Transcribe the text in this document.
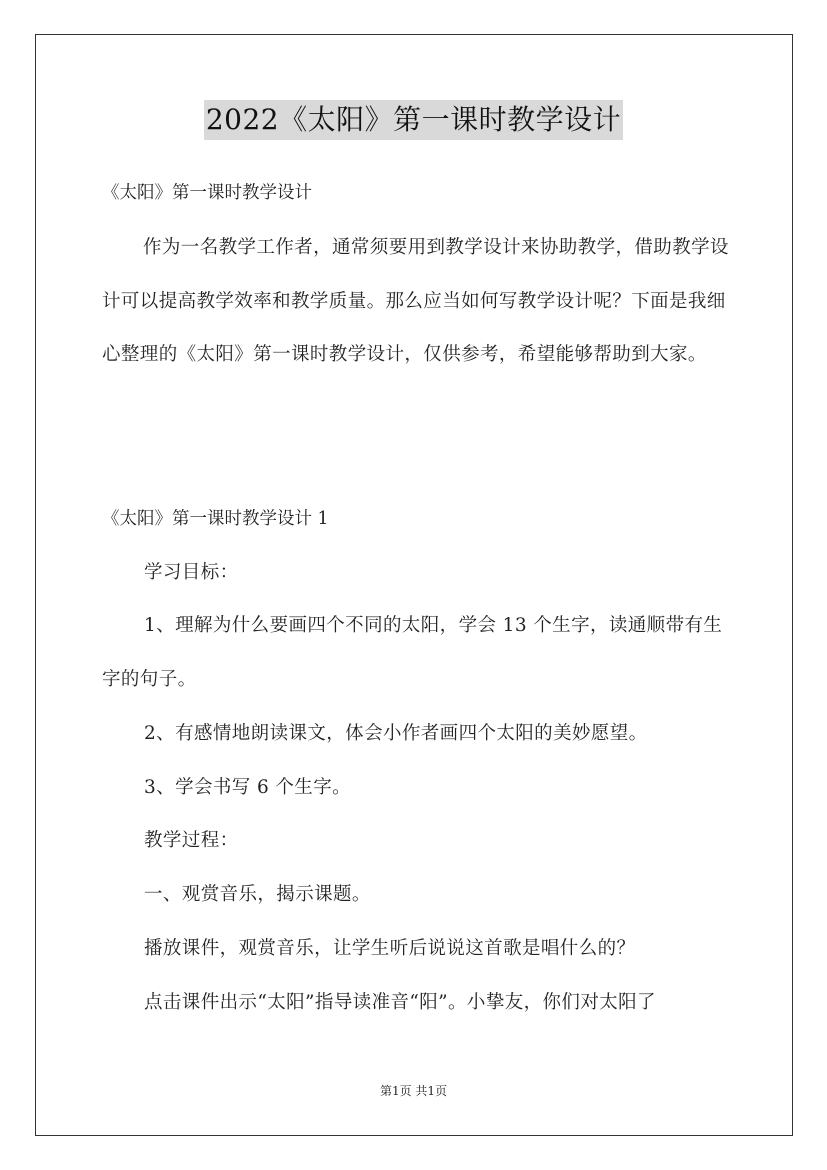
2022《太阳》第一课时教学设计
《太阳》第一课时教学设计

作为一名教学工作者，通常须要用到教学设计来协助教学，借助教学设计可以提高教学效率和教学质量。那么应当如何写教学设计呢？下面是我细心整理的《太阳》第一课时教学设计，仅供参考，希望能够帮助到大家。

《太阳》第一课时教学设计 1
学习目标：

1、理解为什么要画四个不同的太阳，学会 13 个生字，读通顺带有生字的句子。

2、有感情地朗读课文，体会小作者画四个太阳的美妙愿望。
3、学会书写 6 个生字。
教学过程：
一、观赏音乐，揭示课题。
播放课件，观赏音乐，让学生听后说说这首歌是唱什么的？
点击课件出示“太阳”指导读准音“阳”。小挚友，你们对太阳了
第1页 共1页
